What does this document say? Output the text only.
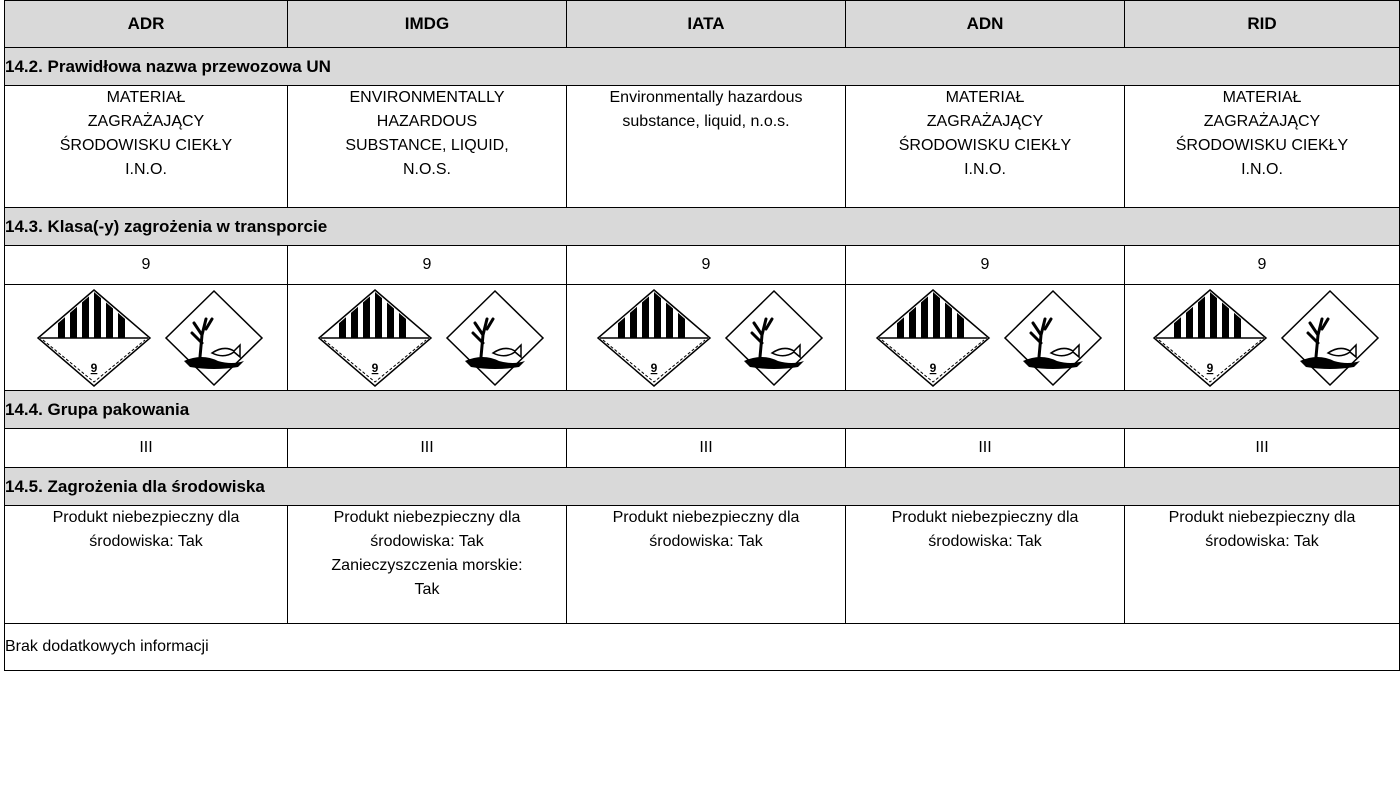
ADR	IMDG	IATA	ADN	RID
14.2. Prawidłowa nazwa przewozowa UN				

MATERIAŁ
ZAGRAŻAJĄCY
ŚRODOWISKU CIEKŁY
I.N.O.	ENVIRONMENTALLY
HAZARDOUS
SUBSTANCE, LIQUID,
N.O.S.	Environmentally hazardous
substance, liquid, n.o.s.	MATERIAŁ
ZAGRAŻAJĄCY
ŚRODOWISKU CIEKŁY
I.N.O.	MATERIAŁ
ZAGRAŻAJĄCY
ŚRODOWISKU CIEKŁY
I.N.O.

14.3. Klasa(-y) zagrożenia w transporcie				
9	9	9	9	9

9	9	9	9	9

14.4. Grupa pakowania				
III	III	III	III	III
14.5. Zagrożenia dla środowiska				

Produkt niebezpieczny dla
środowiska: Tak	Produkt niebezpieczny dla
środowiska: Tak
Zanieczyszczenia morskie:
Tak	Produkt niebezpieczny dla
środowiska: Tak	Produkt niebezpieczny dla
środowiska: Tak	Produkt niebezpieczny dla
środowiska: Tak

Brak dodatkowych informacji				
